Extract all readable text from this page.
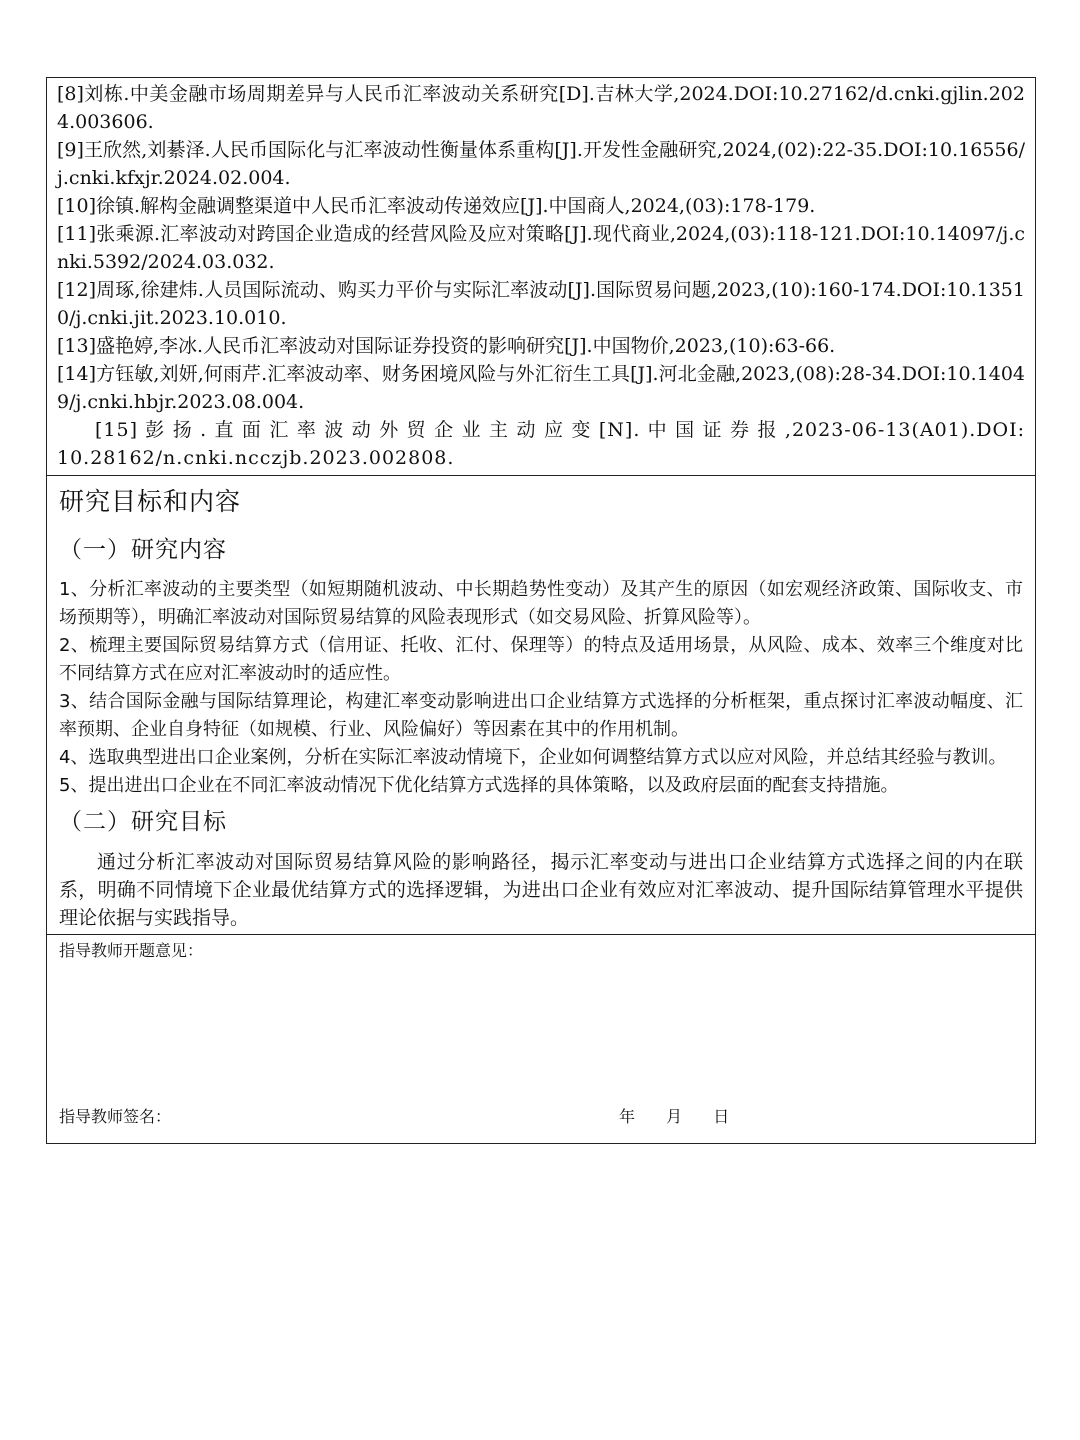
[8]刘栋.中美金融市场周期差异与人民币汇率波动关系研究[D].吉林大学,2024.DOI:10.27162/d.cnki.gjlin.2024.003606.

[9]王欣然,刘綦泽.人民币国际化与汇率波动性衡量体系重构[J].开发性金融研究,2024,(02):22-35.DOI:10.16556/j.cnki.kfxjr.2024.02.004.

[10]徐镇.解构金融调整渠道中人民币汇率波动传递效应[J].中国商人,2024,(03):178-179.

[11]张乘源.汇率波动对跨国企业造成的经营风险及应对策略[J].现代商业,2024,(03):118-121.DOI:10.14097/j.cnki.5392/2024.03.032.

[12]周琢,徐建炜.人员国际流动、购买力平价与实际汇率波动[J].国际贸易问题,2023,(10):160-174.DOI:10.13510/j.cnki.jit.2023.10.010.

[13]盛艳婷,李冰.人民币汇率波动对国际证券投资的影响研究[J].中国物价,2023,(10):63-66.

[14]方钰敏,刘妍,何雨芹.汇率波动率、财务困境风险与外汇衍生工具[J].河北金融,2023,(08):28-34.DOI:10.14049/j.cnki.hbjr.2023.08.004.

[15] 彭 扬 . 直 面 汇 率 波 动 外 贸 企 业 主 动 应 变 [N]. 中 国 证 券 报 ,2023-06-13(A01).DOI:10.28162/n.cnki.ncczjb.2023.002808.

研究目标和内容
（一）研究内容

1、分析汇率波动的主要类型（如短期随机波动、中长期趋势性变动）及其产生的原因（如宏观经济政策、国际收支、市场预期等），明确汇率波动对国际贸易结算的风险表现形式（如交易风险、折算风险等）。

2、梳理主要国际贸易结算方式（信用证、托收、汇付、保理等）的特点及适用场景，从风险、成本、效率三个维度对比不同结算方式在应对汇率波动时的适应性。

3、结合国际金融与国际结算理论，构建汇率变动影响进出口企业结算方式选择的分析框架，重点探讨汇率波动幅度、汇率预期、企业自身特征（如规模、行业、风险偏好）等因素在其中的作用机制。

4、选取典型进出口企业案例，分析在实际汇率波动情境下，企业如何调整结算方式以应对风险，并总结其经验与教训。

5、提出进出口企业在不同汇率波动情况下优化结算方式选择的具体策略，以及政府层面的配套支持措施。

（二）研究目标

通过分析汇率波动对国际贸易结算风险的影响路径，揭示汇率变动与进出口企业结算方式选择之间的内在联系，明确不同情境下企业最优结算方式的选择逻辑，为进出口企业有效应对汇率波动、提升国际结算管理水平提供理论依据与实践指导。

指导教师开题意见：

指导教师签名：	年 月 日
